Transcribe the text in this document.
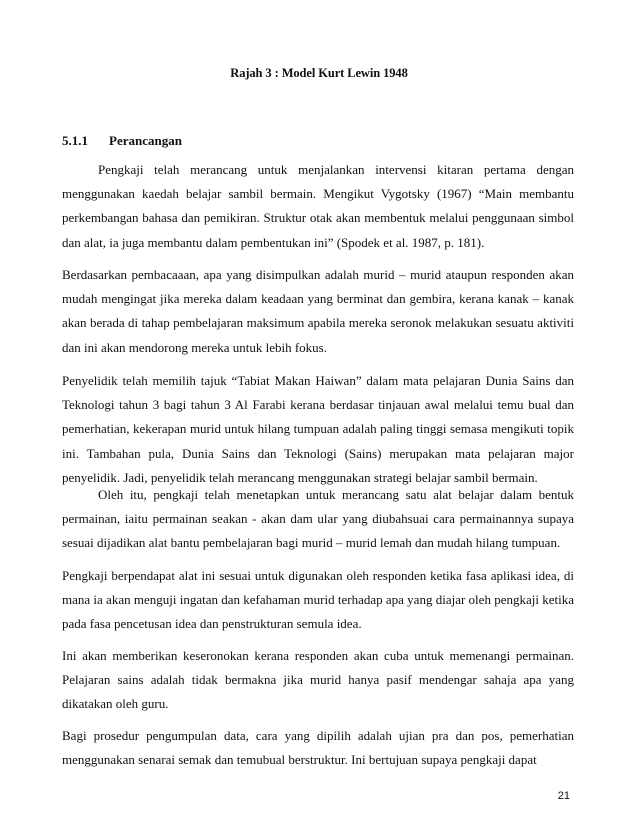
Rajah 3 : Model Kurt Lewin 1948
5.1.1 Perancangan

Pengkaji telah merancang untuk menjalankan intervensi kitaran pertama dengan menggunakan kaedah belajar sambil bermain. Mengikut Vygotsky (1967) “Main membantu perkembangan bahasa dan pemikiran. Struktur otak akan membentuk melalui penggunaan simbol dan alat, ia juga membantu dalam pembentukan ini” (Spodek et al. 1987, p. 181).

Berdasarkan pembacaaan, apa yang disimpulkan adalah murid – murid ataupun responden akan mudah mengingat jika mereka dalam keadaan yang berminat dan gembira, kerana kanak – kanak akan berada di tahap pembelajaran maksimum apabila mereka seronok melakukan sesuatu aktiviti dan ini akan mendorong mereka untuk lebih fokus.

Penyelidik telah memilih tajuk “Tabiat Makan Haiwan” dalam mata pelajaran Dunia Sains dan Teknologi tahun 3 bagi tahun 3 Al Farabi kerana berdasar tinjauan awal melalui temu bual dan pemerhatian, kekerapan murid untuk hilang tumpuan adalah paling tinggi semasa mengikuti topik ini. Tambahan pula, Dunia Sains dan Teknologi (Sains) merupakan mata pelajaran major penyelidik. Jadi, penyelidik telah merancang menggunakan strategi belajar sambil bermain.

Oleh itu, pengkaji telah menetapkan untuk merancang satu alat belajar dalam bentuk permainan, iaitu permainan seakan - akan dam ular yang diubahsuai cara permainannya supaya sesuai dijadikan alat bantu pembelajaran bagi murid – murid lemah dan mudah hilang tumpuan.

Pengkaji berpendapat alat ini sesuai untuk digunakan oleh responden ketika fasa aplikasi idea, di mana ia akan menguji ingatan dan kefahaman murid terhadap apa yang diajar oleh pengkaji ketika pada fasa pencetusan idea dan penstrukturan semula idea.

Ini akan memberikan keseronokan kerana responden akan cuba untuk memenangi permainan. Pelajaran sains adalah tidak bermakna jika murid hanya pasif mendengar sahaja apa yang dikatakan oleh guru.

Bagi prosedur pengumpulan data, cara yang dipilih adalah ujian pra dan pos, pemerhatian menggunakan senarai semak dan temubual berstruktur. Ini bertujuan supaya pengkaji dapat

21
